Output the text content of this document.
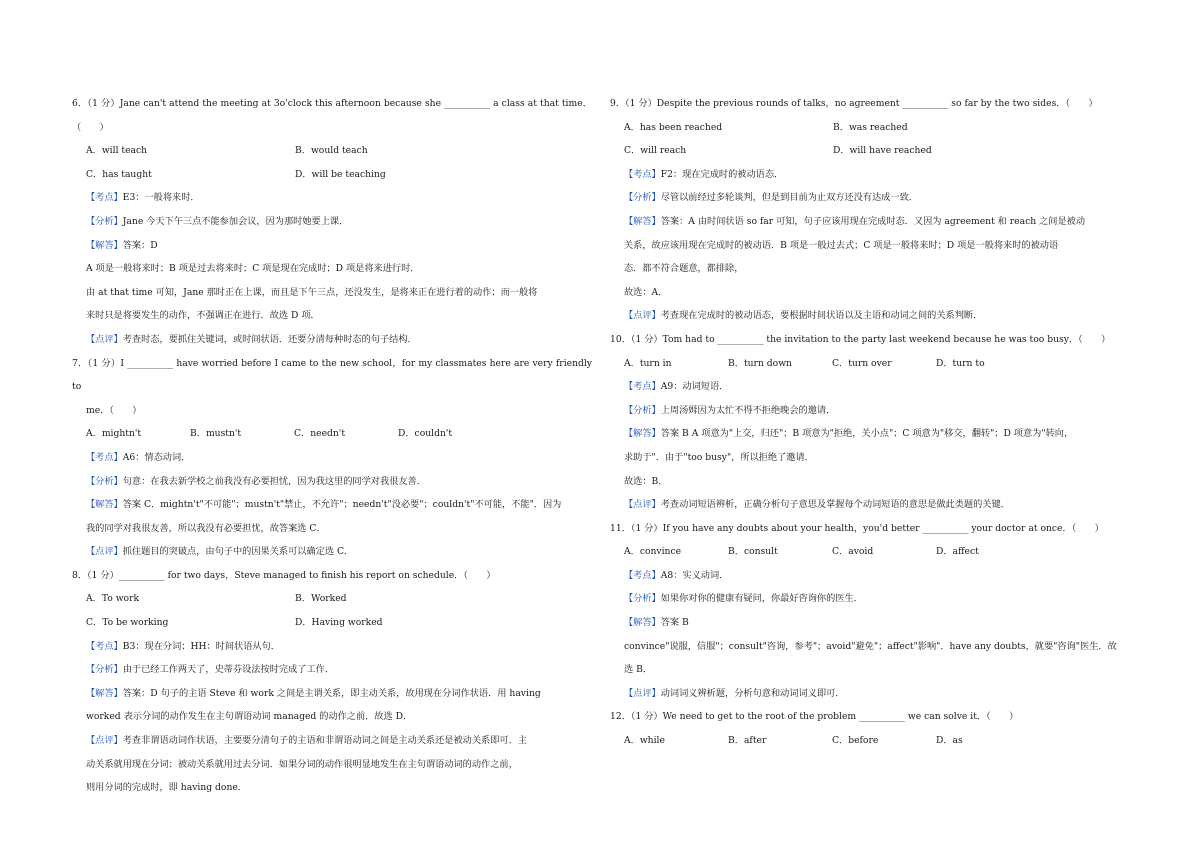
6．（1 分）Jane can't attend the meeting at 3o'clock this afternoon because she __________ a class at that time．（　　）

A．will teach	B．would teach
C．has taught	D．will be teaching

【考点】E3：一般将来时．

【分析】Jane 今天下午三点不能参加会议，因为那时她要上课．

【解答】答案：D

A 项是一般将来时；B 项是过去将来时；C 项是现在完成时；D 项是将来进行时．

由 at that time 可知，Jane 那时正在上课，而且是下午三点，还没发生，是将来正在进行着的动作；而一般将

来时只是将要发生的动作，不强调正在进行．故选 D 项．

【点评】考查时态，要抓住关键词，或时间状语．还要分清每种时态的句子结构．

7．（1 分）I __________ have worried before I came to the new school，for my classmates here are very friendly to

me．（　　）

A．mightn't	B．mustn't	C．needn't	D．couldn't

【考点】A6：情态动词．

【分析】句意：在我去新学校之前我没有必要担忧，因为我这里的同学对我很友善．

【解答】答案 C．mightn't"不可能"；mustn't"禁止，不允许"；needn't"没必要"；couldn't"不可能，不能"．因为

我的同学对我很友善，所以我没有必要担忧，故答案选 C．

【点评】抓住题目的突破点，由句子中的因果关系可以确定选 C．

8．（1 分）__________ for two days，Steve managed to finish his report on schedule．（　　）

A．To work	B．Worked
C．To be working	D．Having worked

【考点】B3：现在分词；HH：时间状语从句．

【分析】由于已经工作两天了，史蒂芬设法按时完成了工作．

【解答】答案：D 句子的主语 Steve 和 work 之间是主谓关系，即主动关系，故用现在分词作状语．用 having

worked 表示分词的动作发生在主句谓语动词 managed 的动作之前．故选 D．

【点评】考查非谓语动词作状语，主要要分清句子的主语和非谓语动词之间是主动关系还是被动关系即可．主

动关系就用现在分词；被动关系就用过去分词．如果分词的动作很明显地发生在主句谓语动词的动作之前，

则用分词的完成时，即 having done．

9．（1 分）Despite the previous rounds of talks，no agreement __________ so far by the two sides．（　　）

A．has been reached	B．was reached
C．will reach	D．will have reached

【考点】F2：现在完成时的被动语态．

【分析】尽管以前经过多轮谈判，但是到目前为止双方还没有达成一致．

【解答】答案：A 由时间状语 so far 可知，句子应该用现在完成时态．又因为 agreement 和 reach 之间是被动

关系，故应该用现在完成时的被动语．B 项是一般过去式；C 项是一般将来时；D 项是一般将来时的被动语

态．都不符合题意，都排除，

故选：A．

【点评】考查现在完成时的被动语态，要根据时间状语以及主语和动词之间的关系判断．

10．（1 分）Tom had to __________ the invitation to the party last weekend because he was too busy．（　　）

A．turn in	B．turn down	C．turn over	D．turn to

【考点】A9：动词短语．

【分析】上周汤姆因为太忙不得不拒绝晚会的邀请．

【解答】答案 B A 项意为"上交，归还"；B 项意为"拒绝，关小点"；C 项意为"移交，翻转"；D 项意为"转向，

求助于"．由于"too busy"，所以拒绝了邀请．

故选：B．

【点评】考查动词短语辨析，正确分析句子意思及掌握每个动词短语的意思是做此类题的关键．

11．（1 分）If you have any doubts about your health，you'd better __________ your doctor at once．（　　）

A．convince	B．consult	C．avoid	D．affect

【考点】A8：实义动词．

【分析】如果你对你的健康有疑问，你最好咨询你的医生．

【解答】答案 B

convince"说服，信服"；consult"咨询，参考"；avoid"避免"；affect"影响"．have any doubts，就要"咨询"医生．故

选 B．

【点评】动词词义辨析题，分析句意和动词词义即可．

12．（1 分）We need to get to the root of the problem __________ we can solve it．（　　）

A．while	B．after	C．before	D．as
